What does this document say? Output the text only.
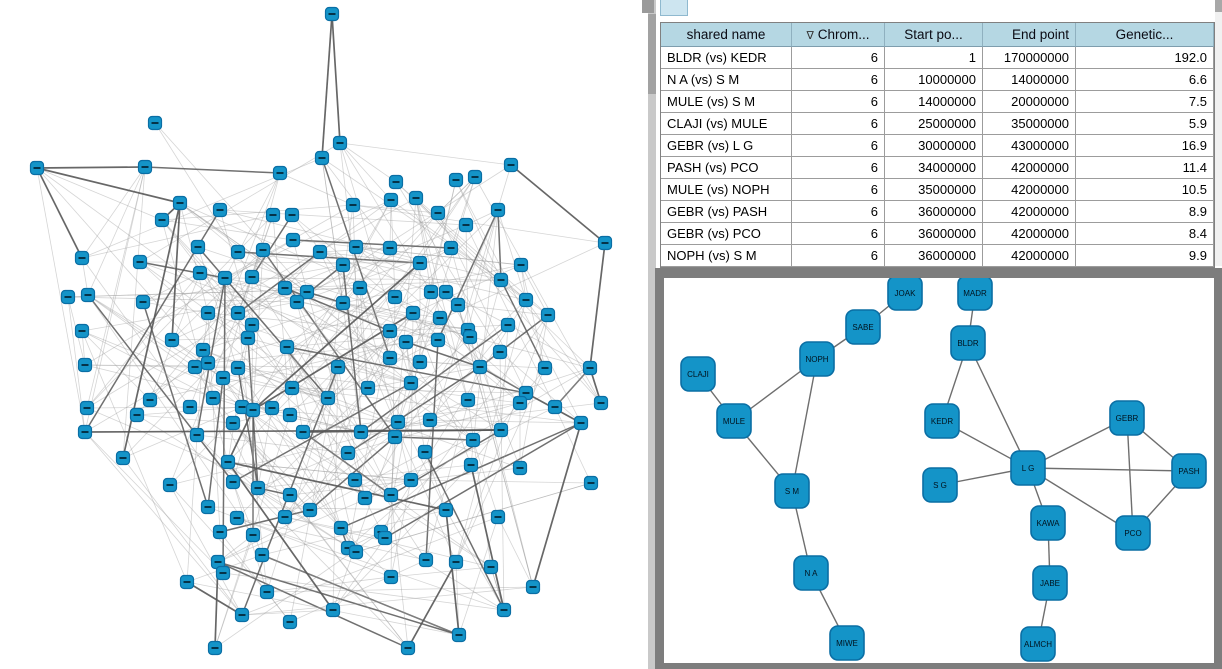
shared name	∇ Chrom...	Start po...	End point	Genetic...
BLDR (vs) KEDR	6	1	170000000	192.0
N A (vs) S M	6	10000000	14000000	6.6
MULE (vs) S M	6	14000000	20000000	7.5
CLAJI (vs) MULE	6	25000000	35000000	5.9
GEBR (vs) L G	6	30000000	43000000	16.9
PASH (vs) PCO	6	34000000	42000000	11.4
MULE (vs) NOPH	6	35000000	42000000	10.5
GEBR (vs) PASH	6	36000000	42000000	8.9
GEBR (vs) PCO	6	36000000	42000000	8.4
NOPH (vs) S M	6	36000000	42000000	9.9
JOAK
SABE
NOPH
CLAJI
MULE
MADR
BLDR
KEDR	GEBR
S G
L G	PASH
KAWA
PCO
JABE
ALMCH
S M
N A
MIWE
